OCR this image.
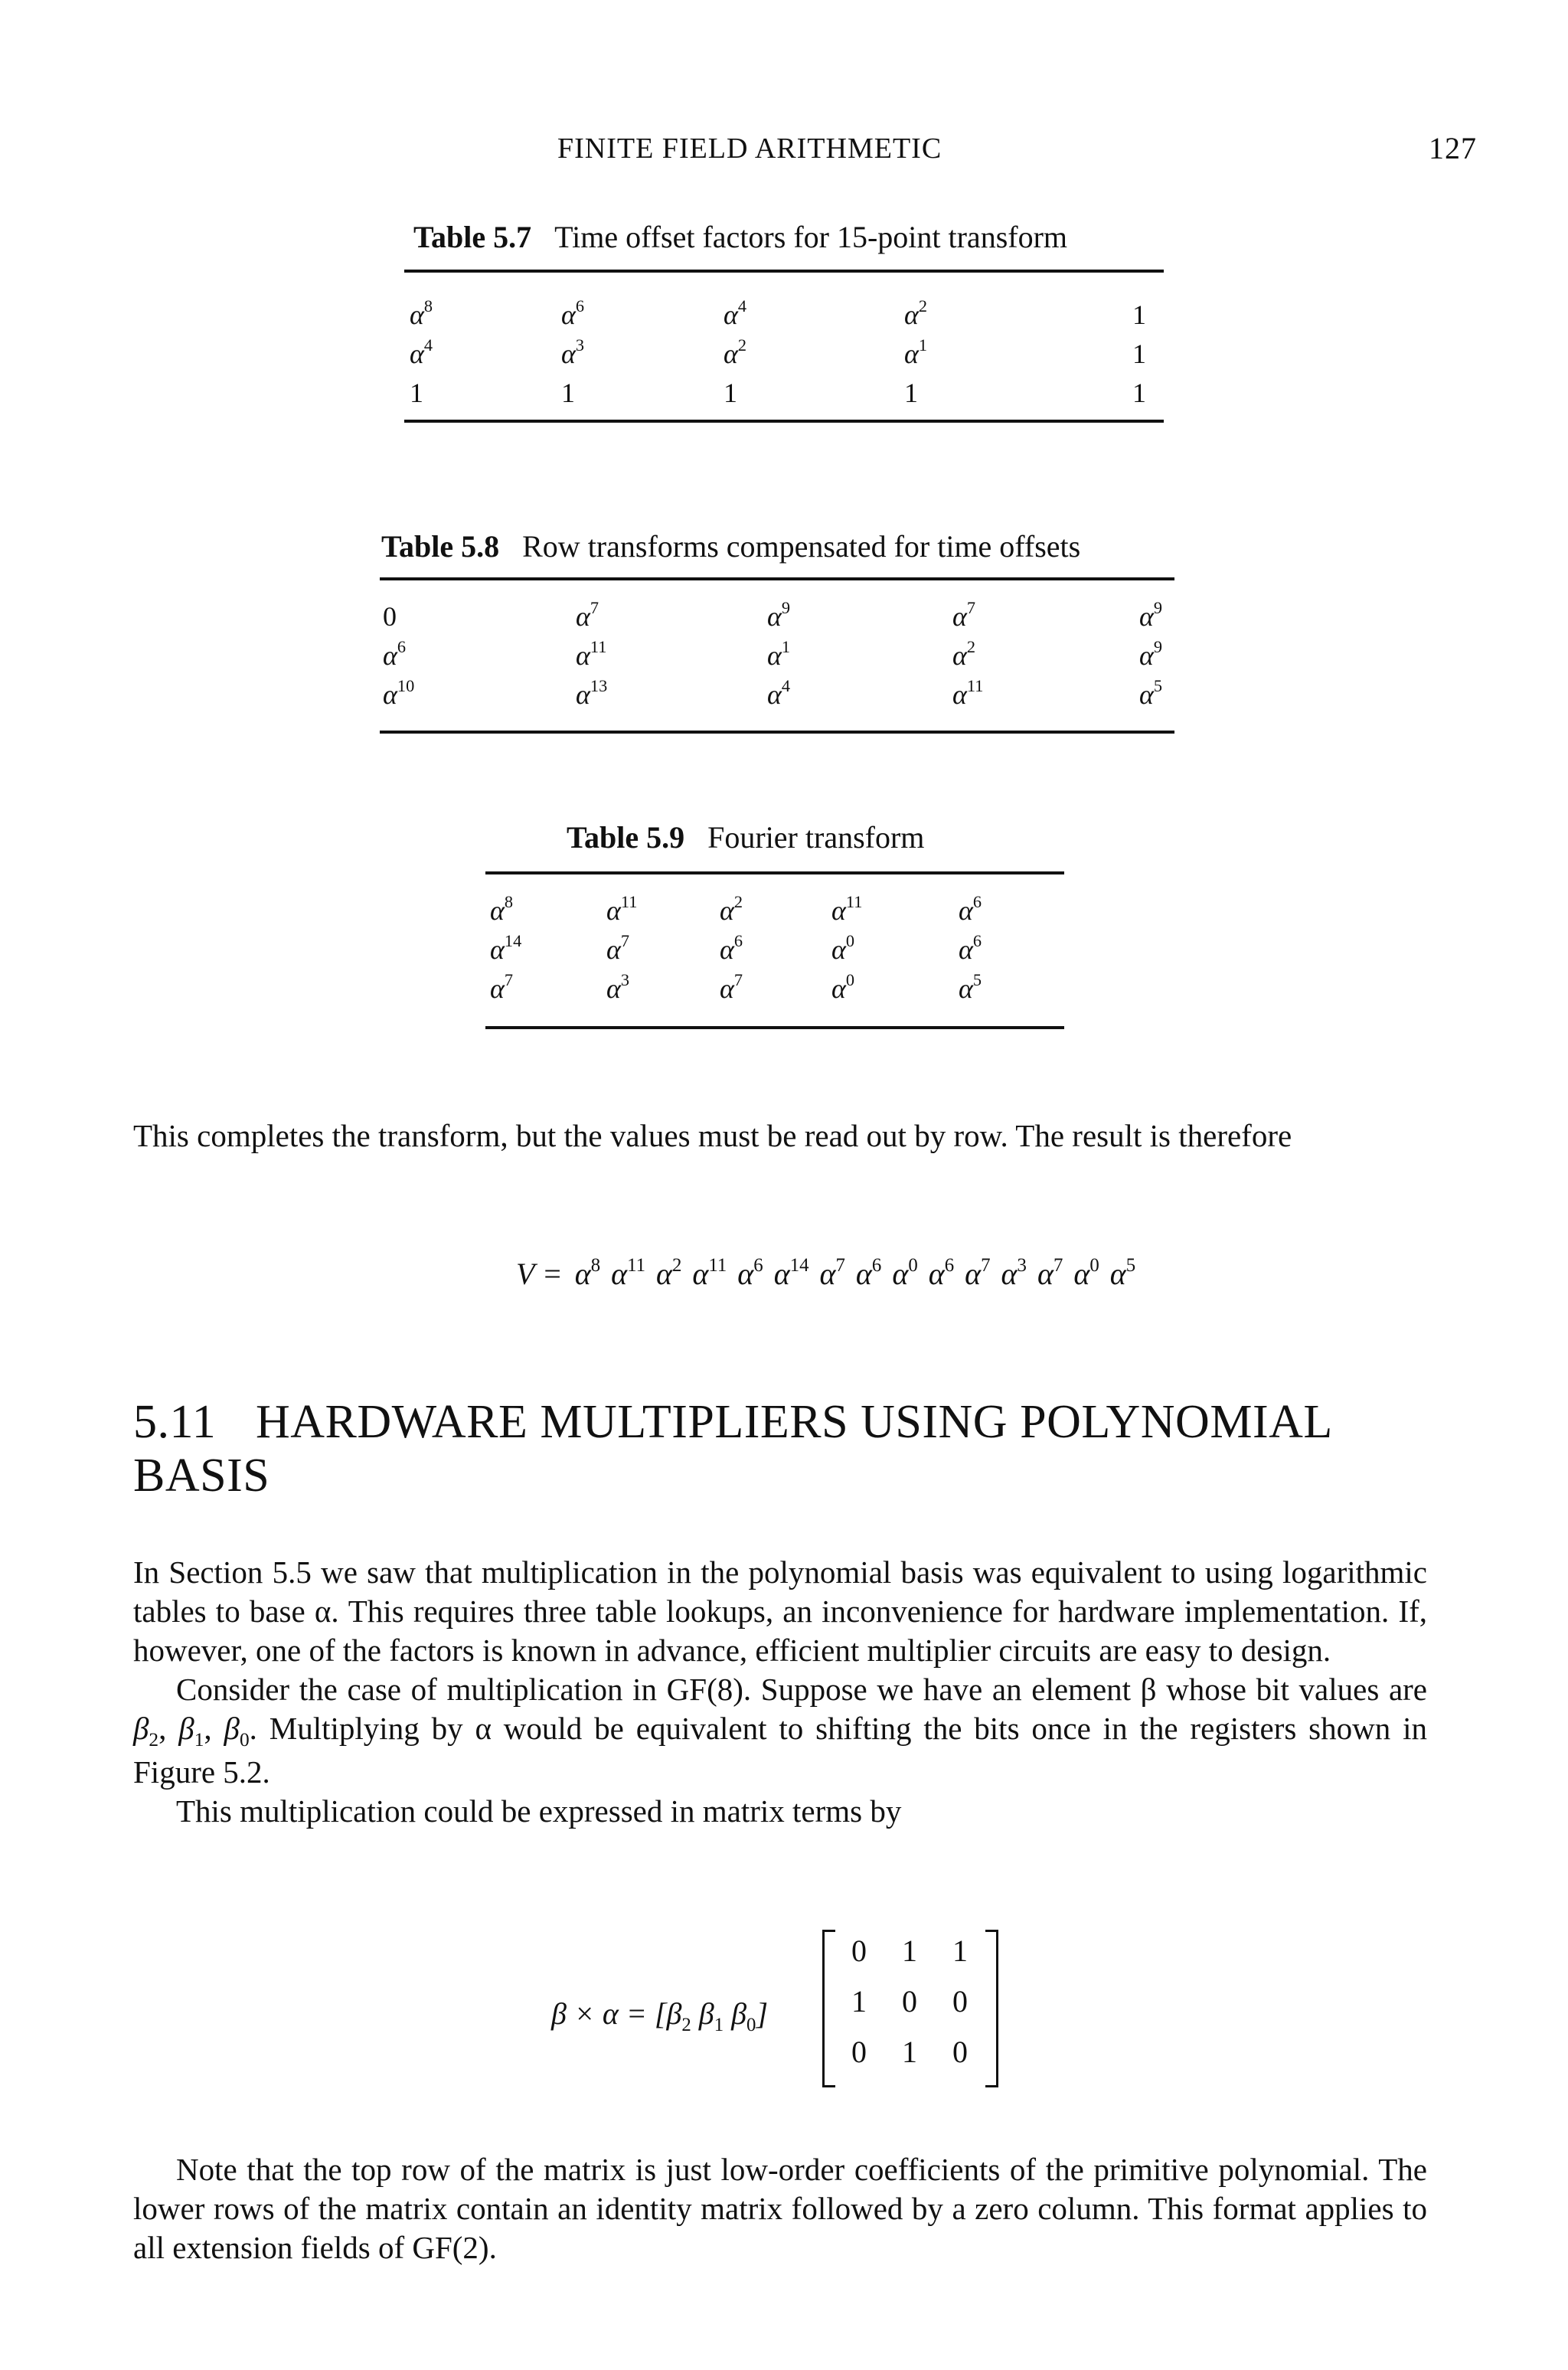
FINITE FIELD ARITHMETIC	127
Table 5.7 Time offset factors for 15-point transform
$\alpha^8$	$\alpha^6$	$\alpha^4$	$\alpha^2$	1
$\alpha^4$	$\alpha^3$	$\alpha^2$	$\alpha^1$	1
1	1	1	1	1
Table 5.8 Row transforms compensated for time offsets
0	$\alpha^7$	$\alpha^9$	$\alpha^7$	$\alpha^9$
$\alpha^6$	$\alpha^{11}$	$\alpha^1$	$\alpha^2$	$\alpha^9$
$\alpha^{10}$	$\alpha^{13}$	$\alpha^4$	$\alpha^{11}$	$\alpha^5$
Table 5.9 Fourier transform
$\alpha^8$	$\alpha^{11}$	$\alpha^2$	$\alpha^{11}$	$\alpha^6$
$\alpha^{14}$	$\alpha^7$	$\alpha^6$	$\alpha^0$	$\alpha^6$
$\alpha^7$	$\alpha^3$	$\alpha^7$	$\alpha^0$	$\alpha^5$

This completes the transform, but the values must be read out by row. The result is therefore

$V = \alpha^8$ $\alpha^{11}$ $\alpha^2$ $\alpha^{11}$ $\alpha^6$ $\alpha^{14}$ $\alpha^7$ $\alpha^6$ $\alpha^0$ $\alpha^6$ $\alpha^7$ $\alpha^3$ $\alpha^7$ $\alpha^0$ $\alpha^5$
5.11 HARDWARE MULTIPLIERS USING POLYNOMIAL BASIS

In Section 5.5 we saw that multiplication in the polynomial basis was equivalent to using logarithmic tables to base α. This requires three table lookups, an inconvenience for hardware implementation. If, however, one of the factors is known in advance, efficient multiplier circuits are easy to design.

Consider the case of multiplication in GF(8). Suppose we have an element β whose bit values are $\beta_2$, $\beta_1$, $\beta_0$. Multiplying by α would be equivalent to shifting the bits once in the registers shown in Figure 5.2.

This multiplication could be expressed in matrix terms by

$\beta \times \alpha = [\beta_2$ $\beta_1$ $\beta_0$]
0 1 1
1 0 0
0 1 0

Note that the top row of the matrix is just low-order coefficients of the primitive polynomial. The lower rows of the matrix contain an identity matrix followed by a zero column. This format applies to all extension fields of GF(2).
